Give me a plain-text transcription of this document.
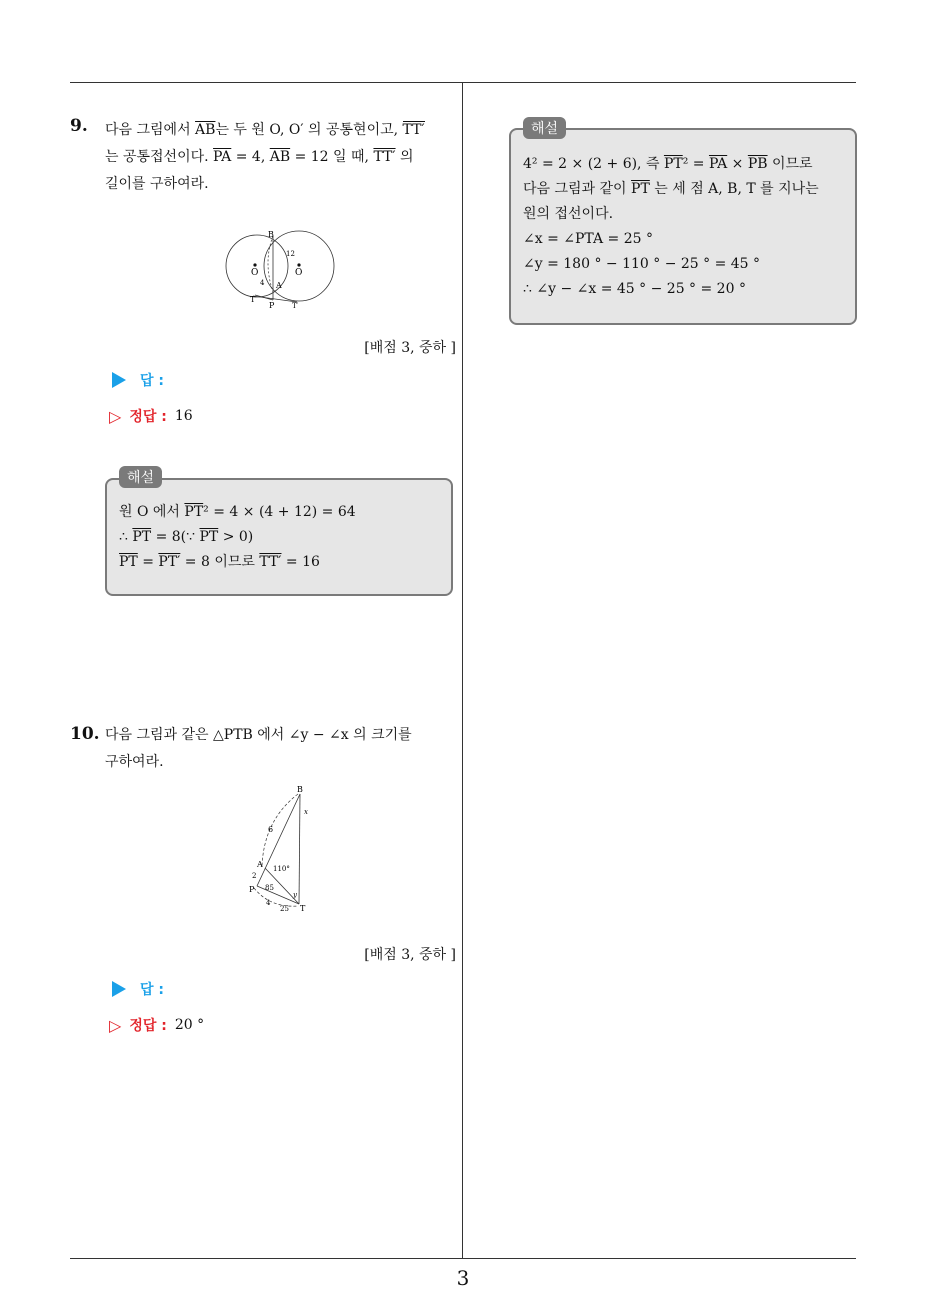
3
9. 다음 그림에서 $\overline{AB}$는 두 원 O, O′ 의 공통현이고, TT′
는 공통접선이다. $\overline{PA} = 4$, $\overline{AB} = 12$ 일 때, TT′ 의
길이를 구하여라.
B
O	O
12
4 A
T
P	T′
[배점 3, 중하 ]
답 :
▷ 정답 : 16
원 O 에서 $\overline{PT}^2 = 4 \times (4 + 12) = 64$
∴ $\overline{PT}$ = 8(∵ $\overline{PT} > 0$)
$\overline{PT} = PT' = 8$ 이므로 TT′ = 16
해설
10. 다음 그림과 같은 △PTB 에서 ∠y − ∠x 의 크기를
구하여라.
B
x
6
A 110°
2
P 85
y
4
25 T
[배점 3, 중하 ]
답 :
▷ 정답 : 20 °
4² = 2 × (2 + 6), 즉 $\overline{PT}^2 = \overline{PA} \times \overline{PB}$ 이므로
다음 그림과 같이 $\overline{PT}$ 는 세 점 A, B, T 를 지나는
원의 접선이다.
∠x = ∠PTA = 25 °
∠y = 180 ° − 110 ° − 25 ° = 45 °
∴ ∠y − ∠x = 45 ° − 25 ° = 20 °
해설
